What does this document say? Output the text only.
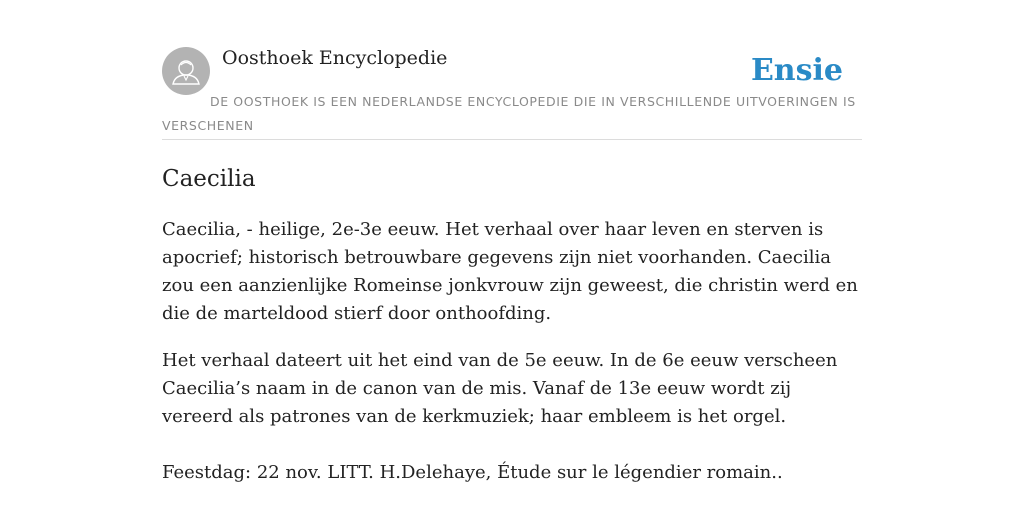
Oosthoek Encyclopedie	Ensie
DE OOSTHOEK IS EEN NEDERLANDSE ENCYCLOPEDIE DIE IN VERSCHILLENDE UITVOERINGEN IS VERSCHENEN
Caecilia

Caecilia, - heilige, 2e-3e eeuw. Het verhaal over haar leven en sterven is apocrief; historisch betrouwbare gegevens zijn niet voorhanden. Caecilia zou een aanzienlijke Romeinse jonkvrouw zijn geweest, die christin werd en die de marteldood stierf door onthoofding.

Het verhaal dateert uit het eind van de 5e eeuw. In de 6e eeuw verscheen Caecilia’s naam in de canon van de mis. Vanaf de 13e eeuw wordt zij vereerd als patrones van de kerkmuziek; haar embleem is het orgel.

Feestdag: 22 nov. LITT. H.Delehaye, Étude sur le légendier romain..
